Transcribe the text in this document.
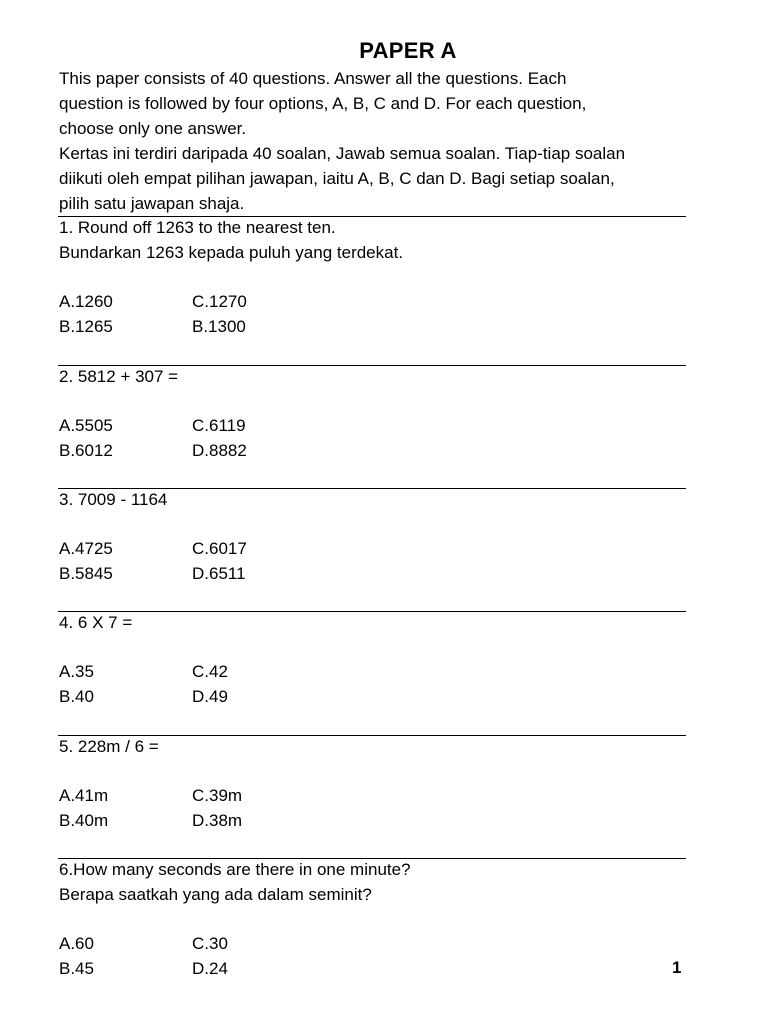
PAPER A
This paper consists of 40 questions. Answer all the questions. Each
question is followed by four options, A, B, C and D. For each question,
choose only one answer.
Kertas ini terdiri daripada 40 soalan, Jawab semua soalan. Tiap-tiap soalan
diikuti oleh empat pilihan jawapan, iaitu A, B, C dan D. Bagi setiap soalan,
pilih satu jawapan shaja.
1. Round off 1263 to the nearest ten.
Bundarkan 1263 kepada puluh yang terdekat.
A.1260	C.1270
B.1265	B.1300
2. 5812 + 307 =
A.5505	C.6119
B.6012	D.8882
3. 7009 - 1164
A.4725	C.6017
B.5845	D.6511
4. 6 X 7 =
A.35	C.42
B.40	D.49
5. 228m / 6 =
A.41m	C.39m
B.40m	D.38m
6.How many seconds are there in one minute?
Berapa saatkah yang ada dalam seminit?
A.60	C.30
B.45	D.24	1
